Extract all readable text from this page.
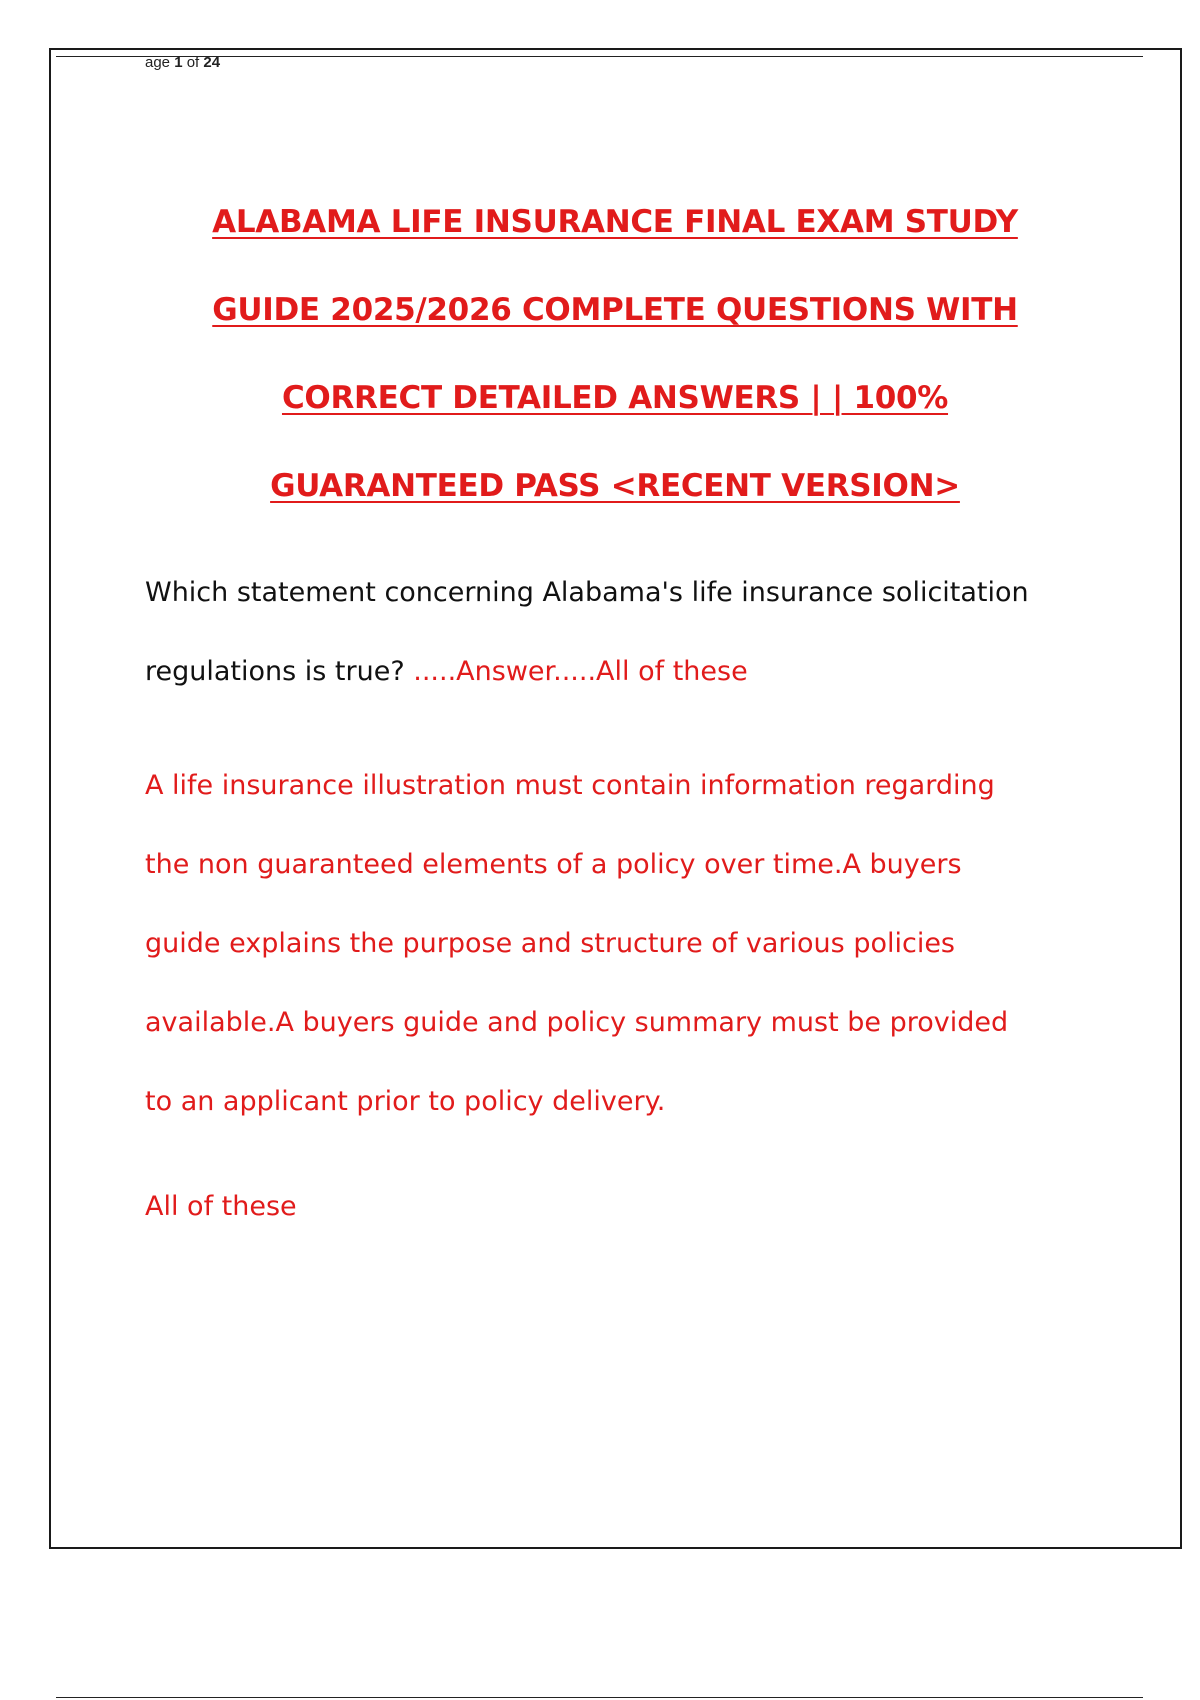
age 1 of 24
ALABAMA LIFE INSURANCE FINAL EXAM STUDY
GUIDE 2025/2026 COMPLETE QUESTIONS WITH
CORRECT DETAILED ANSWERS | | 100%
GUARANTEED PASS <RECENT VERSION>
Which statement concerning Alabama's life insurance solicitation
regulations is true? .....Answer.....All of these
A life insurance illustration must contain information regarding
the non guaranteed elements of a policy over time.A buyers
guide explains the purpose and structure of various policies
available.A buyers guide and policy summary must be provided
to an applicant prior to policy delivery.
All of these
